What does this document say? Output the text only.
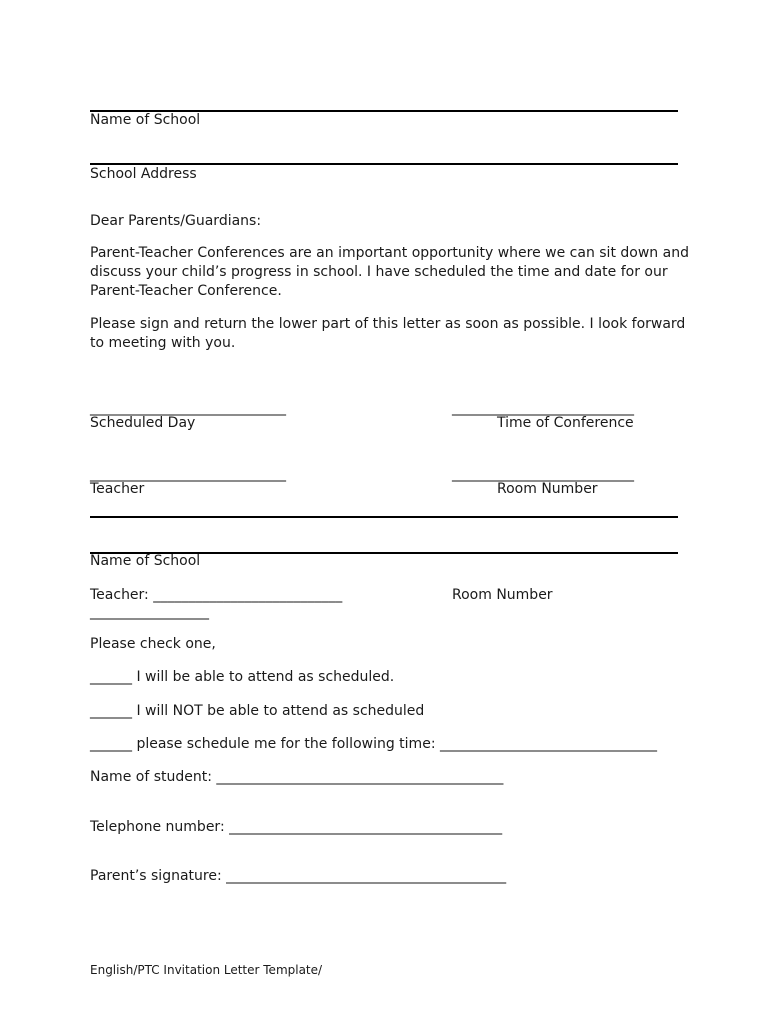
Name of School
School Address
Dear Parents/Guardians:
Parent-Teacher Conferences are an important opportunity where we can sit down and discuss your child’s progress in school. I have scheduled the time and date for our Parent-Teacher Conference.
Please sign and return the lower part of this letter as soon as possible. I look forward to meeting with you.
____________________________
Scheduled Day
__________________________
Time of Conference
____________________________
Teacher
__________________________
Room Number
Name of School
Teacher: ___________________________	Room Number
_________________
Please check one,
______ I will be able to attend as scheduled.
______ I will NOT be able to attend as scheduled
______ please schedule me for the following time: _______________________________
Name of student: _________________________________________
Telephone number: _______________________________________
Parent’s signature: ________________________________________
English/PTC Invitation Letter Template/
